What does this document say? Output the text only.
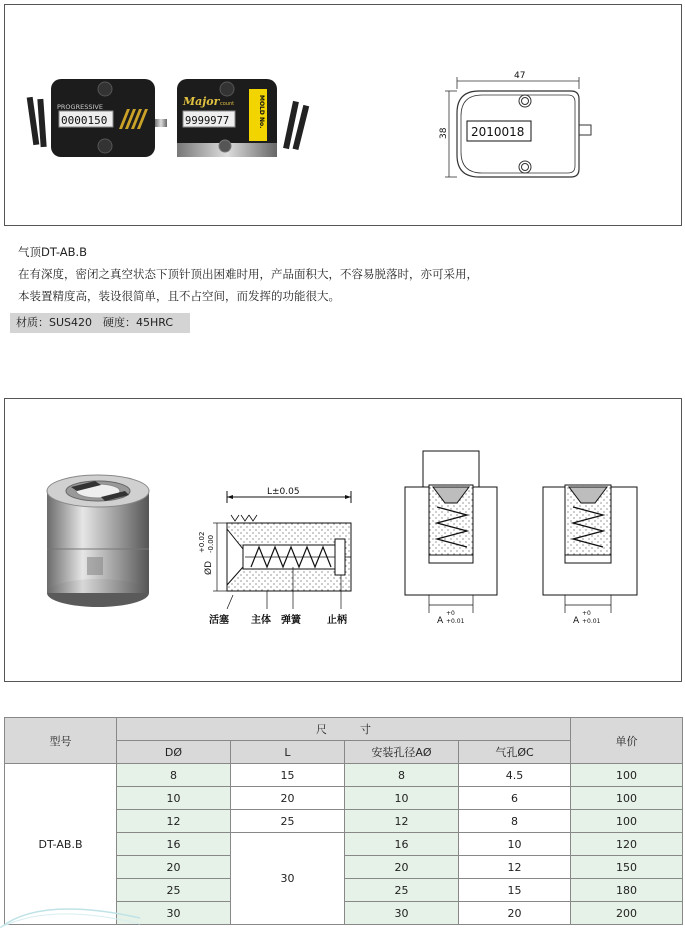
PROGRESSIVE
0000150
Major count
9999977	MOLD No.
47
38 2010018
气顶DT-AB.B
在有深度，密闭之真空状态下顶针顶出困难时用，产品面积大，不容易脱落时，亦可采用，
本装置精度高，装设很简单，且不占空间，而发挥的功能很大。
材质：SUS420　硬度：45HRC
L±0.05
ØD
+0.02 -0.00
活塞 主体 弹簧	止柄	A
+0
+0.01	A
+0
+0.01
型号	尺　　　寸				单价
	DØ	L	安装孔径AØ	气孔ØC	
DT-AB.B	8	15	8	4.5	100
	10	20	10	6	100
	12	25	12	8	100
	16	30	16	10	120
	20		20	12	150
	25		25	15	180
	30		30	20	200
